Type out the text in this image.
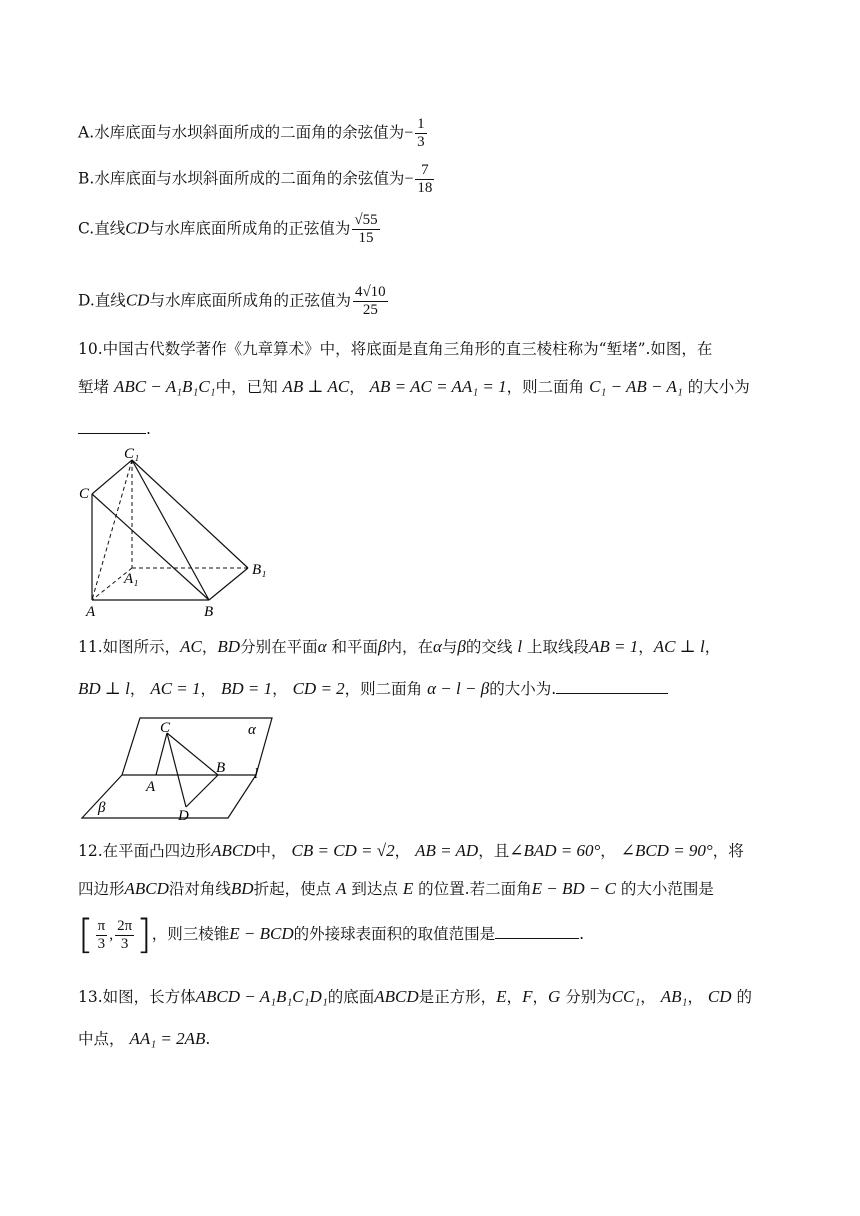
A.水库底面与水坝斜面所成的二面角的余弦值为− $\frac{1}{3}$
B.水库底面与水坝斜面所成的二面角的余弦值为− $\frac{7}{18}$
C.直线CD与水库底面所成角的正弦值为 $\frac{√55}{15}$
D.直线CD与水库底面所成角的正弦值为 $\frac{4√10}{25}$
10.中国古代数学著作《九章算术》中，将底面是直角三角形的直三棱柱称为“堑堵”.如图，在
堑堵 ABC − A₁B₁C₁中，已知 AB ⊥ AC， AB = AC = AA₁ = 1，则二面角 C₁ − AB − A₁ 的大小为
.
C₁
C
A₁
B₁
A	B
11.如图所示，AC，BD分别在平面α 和平面β内，在α与β的交线 l 上取线段AB = 1，AC ⊥ l，
BD ⊥ l， AC = 1， BD = 1， CD = 2，则二面角 α − l − β的大小为.
C	α
B l
A
β	D
12.在平面凸四边形ABCD中， CB = CD = √2， AB = AD，且∠BAD = 60°， ∠BCD = 90°，将
四边形ABCD沿对角线BD折起，使点 A 到达点 E 的位置.若二面角E − BD − C 的大小范围是
[ $\frac{\pi}{3}$ , $\frac{2\pi}{3}$ ]，则三棱锥E − BCD的外接球表面积的取值范围是	.
13.如图，长方体ABCD − A₁B₁C₁D₁的底面ABCD是正方形，E，F，G 分别为CC₁， AB₁， CD 的
中点， AA₁ = 2AB.
